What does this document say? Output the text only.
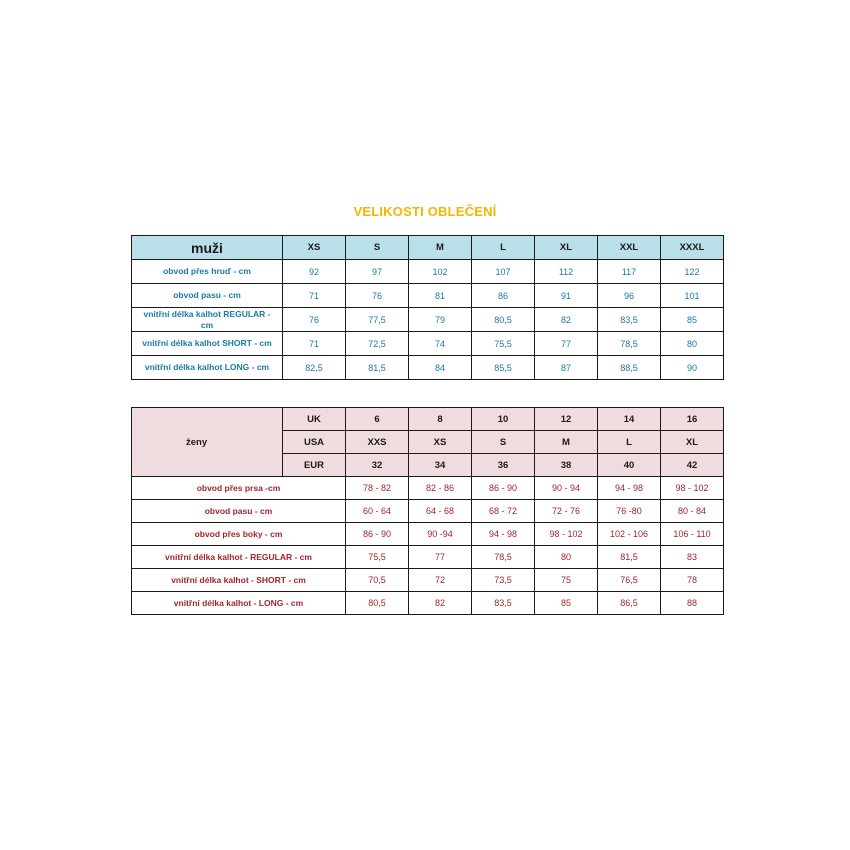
VELIKOSTI OBLEČENÍ
muži	XS	S	M	L	XL	XXL	XXXL
obvod přes hruď - cm	92	97	102	107	112	117	122
obvod pasu - cm	71	76	81	86	91	96	101
vnitřní délka kalhot REGULAR - cm	76	77,5	79	80,5	82	83,5	85
vnitřní délka kalhot SHORT - cm	71	72,5	74	75,5	77	78,5	80
vnitřní délka kalhot LONG - cm	82,5	81,5	84	85,5	87	88,5	90
ženy	UK	6	8	10	12	14	16
	USA	XXS	XS	S	M	L	XL
	EUR	32	34	36	38	40	42
obvod přes prsa -cm		78 - 82	82 - 86	86 - 90	90 - 94	94 - 98	98 - 102
obvod pasu - cm		60 - 64	64 - 68	68 - 72	72 - 76	76 -80	80 - 84
obvod přes boky - cm		86 - 90	90 -94	94 - 98	98 - 102	102 - 106	106 - 110
vnitřní délka kalhot - REGULAR - cm		75,5	77	78,5	80	81,5	83
vnitřní délka kalhot - SHORT - cm		70,5	72	73,5	75	76,5	78
vnitřní délka kalhot - LONG - cm		80,5	82	83,5	85	86,5	88
